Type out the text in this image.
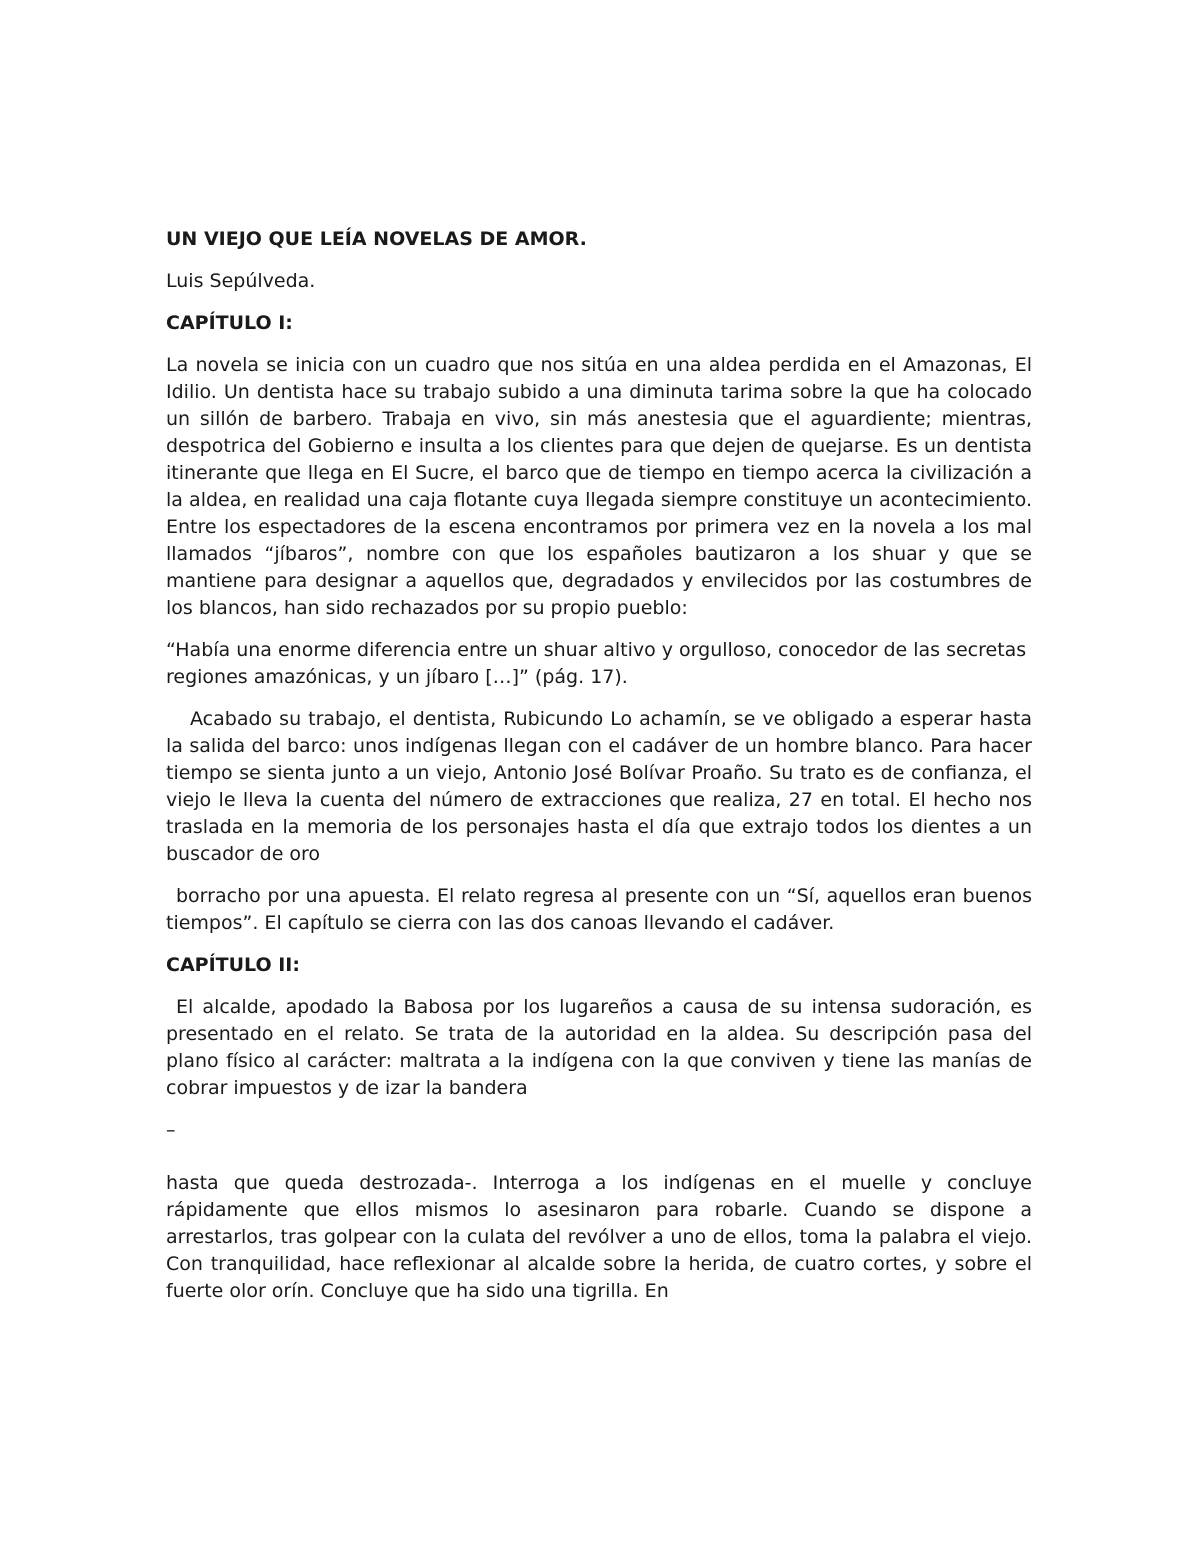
UN VIEJO QUE LEÍA NOVELAS DE AMOR.

Luis Sepúlveda.

CAPÍTULO I:

La novela se inicia con un cuadro que nos sitúa en una aldea perdida en el Amazonas, El Idilio. Un dentista hace su trabajo subido a una diminuta tarima sobre la que ha colocado un sillón de barbero. Trabaja en vivo, sin más anestesia que el aguardiente; mientras, despotrica del Gobierno e insulta a los clientes para que dejen de quejarse. Es un dentista itinerante que llega en El Sucre, el barco que de tiempo en tiempo acerca la civilización a la aldea, en realidad una caja flotante cuya llegada siempre constituye un acontecimiento. Entre los espectadores de la escena encontramos por primera vez en la novela a los mal llamados “jíbaros”, nombre con que los españoles bautizaron a los shuar y que se mantiene para designar a aquellos que, degradados y envilecidos por las costumbres de los blancos, han sido rechazados por su propio pueblo:

“Había una enorme diferencia entre un shuar altivo y orgulloso, conocedor de las secretas regiones amazónicas, y un jíbaro […]” (pág. 17).

Acabado su trabajo, el dentista, Rubicundo Lo achamín, se ve obligado a esperar hasta la salida del barco: unos indígenas llegan con el cadáver de un hombre blanco. Para hacer tiempo se sienta junto a un viejo, Antonio José Bolívar Proaño. Su trato es de confianza, el viejo le lleva la cuenta del número de extracciones que realiza, 27 en total. El hecho nos traslada en la memoria de los personajes hasta el día que extrajo todos los dientes a un buscador de oro

borracho por una apuesta. El relato regresa al presente con un “Sí, aquellos eran buenos tiempos”. El capítulo se cierra con las dos canoas llevando el cadáver.

CAPÍTULO II:

El alcalde, apodado la Babosa por los lugareños a causa de su intensa sudoración, es presentado en el relato. Se trata de la autoridad en la aldea. Su descripción pasa del plano físico al carácter: maltrata a la indígena con la que conviven y tiene las manías de cobrar impuestos y de izar la bandera

–

hasta que queda destrozada-. Interroga a los indígenas en el muelle y concluye rápidamente que ellos mismos lo asesinaron para robarle. Cuando se dispone a arrestarlos, tras golpear con la culata del revólver a uno de ellos, toma la palabra el viejo. Con tranquilidad, hace reflexionar al alcalde sobre la herida, de cuatro cortes, y sobre el fuerte olor orín. Concluye que ha sido una tigrilla. En
